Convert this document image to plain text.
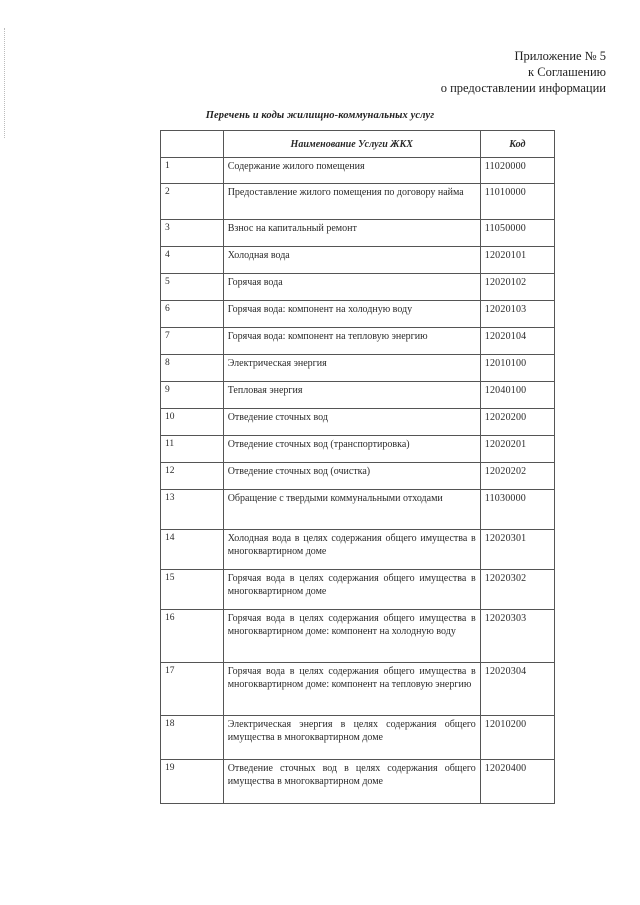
Приложение № 5
к Соглашению
о предоставлении информации
Перечень и коды жилищно-коммунальных услуг
	Наименование Услуги ЖКХ	Код
1	Содержание жилого помещения	11020000
2	Предоставление жилого помещения по договору найма	11010000
3	Взнос на капитальный ремонт	11050000
4	Холодная вода	12020101
5	Горячая вода	12020102
6	Горячая вода: компонент на холодную воду	12020103
7	Горячая вода: компонент на тепловую энергию	12020104
8	Электрическая энергия	12010100
9	Тепловая энергия	12040100
10	Отведение сточных вод	12020200
11	Отведение сточных вод (транспортировка)	12020201
12	Отведение сточных вод (очистка)	12020202
13	Обращение с твердыми коммунальными отходами	11030000
14	Холодная вода в целях содержания общего имущества в многоквартирном доме	12020301
15	Горячая вода в целях содержания общего имущества в многоквартирном доме	12020302
16	Горячая вода в целях содержания общего имущества в многоквартирном доме: компонент на холодную воду	12020303
17	Горячая вода в целях содержания общего имущества в многоквартирном доме: компонент на тепловую энергию	12020304
18	Электрическая энергия в целях содержания общего имущества в многоквартирном доме	12010200
19	Отведение сточных вод в целях содержания общего имущества в многоквартирном доме	12020400
